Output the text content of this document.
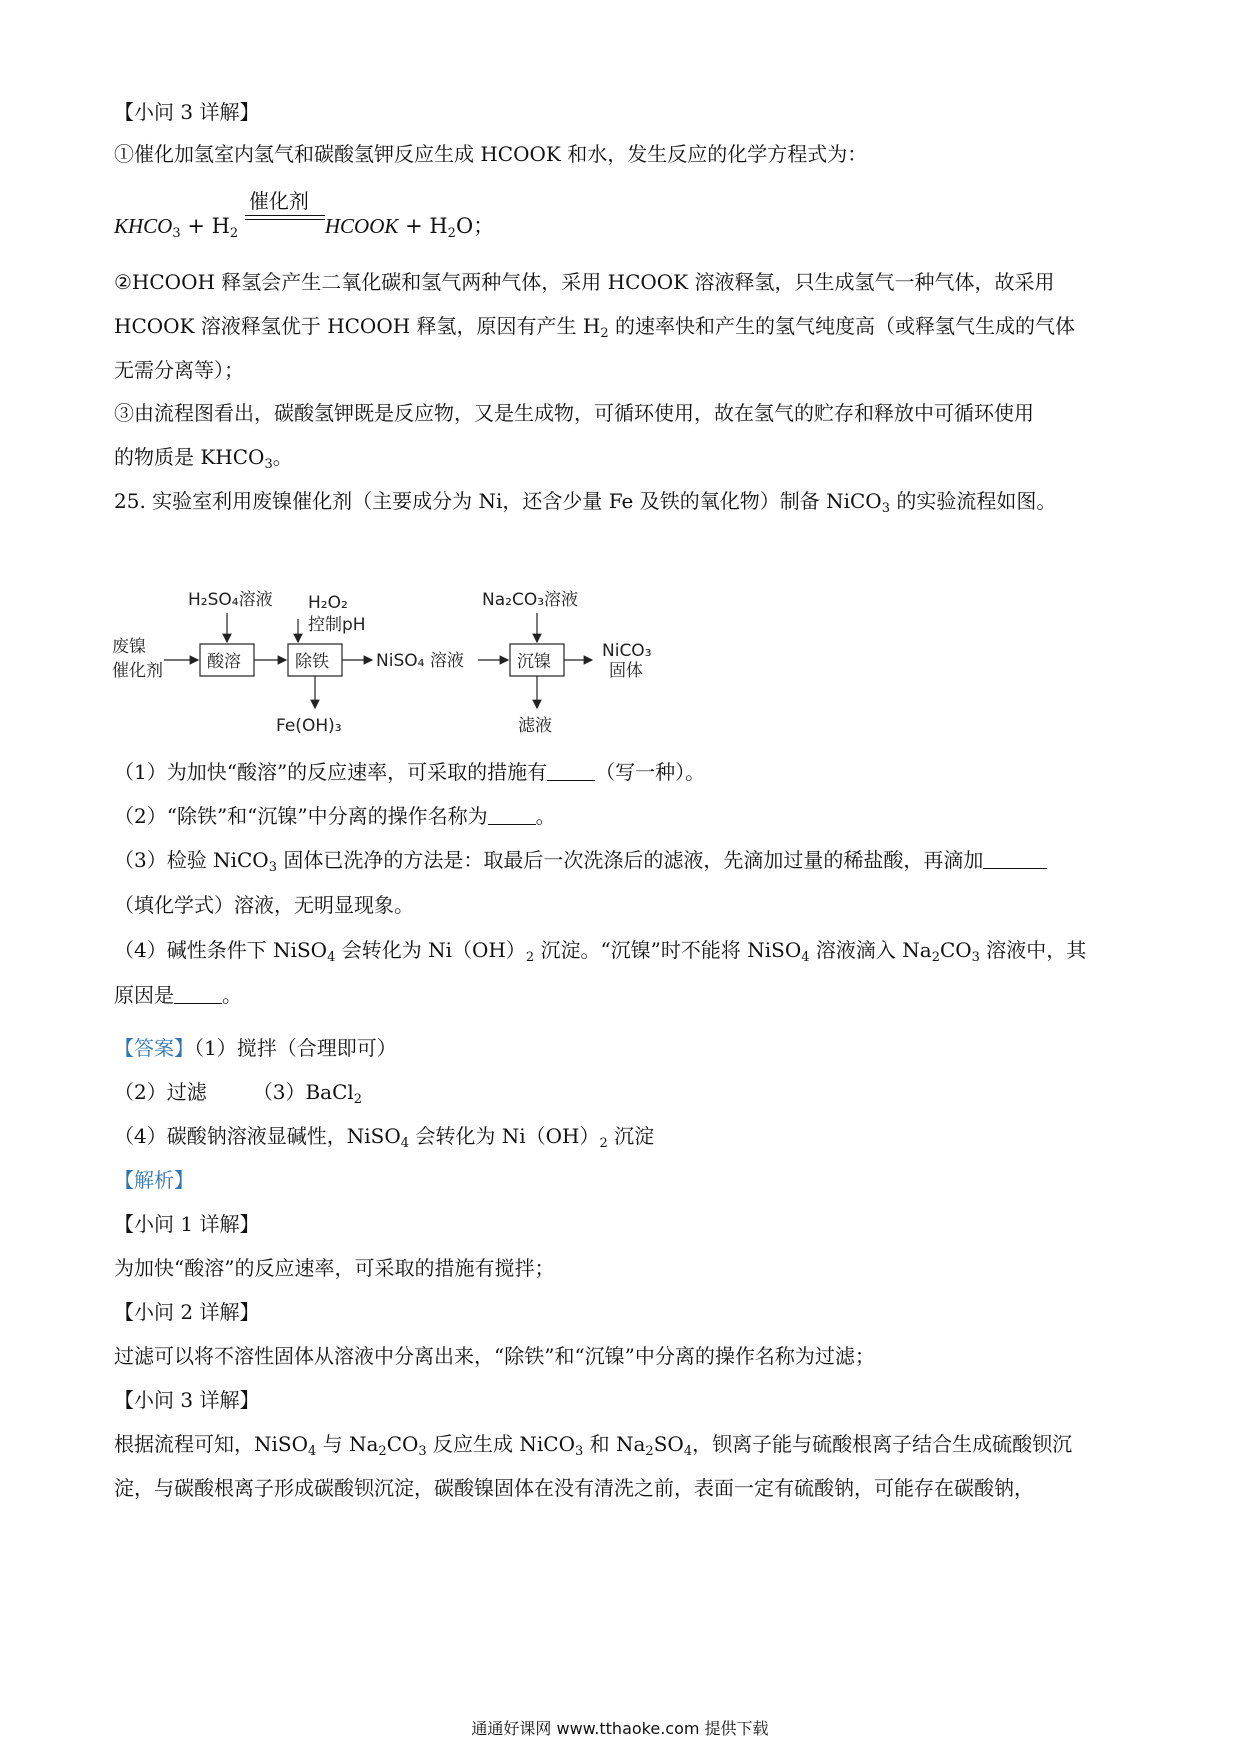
【小问 3 详解】
①催化加氢室内氢气和碳酸氢钾反应生成 HCOOK 和水，发生反应的化学方程式为：
$KHCO_3 + H_2$
催化剂
HCOOK + $H_2O$；
②HCOOH 释氢会产生二氧化碳和氢气两种气体，采用 HCOOK 溶液释氢，只生成氢气一种气体，故采用
HCOOK 溶液释氢优于 HCOOH 释氢，原因有产生 $H_2$ 的速率快和产生的氢气纯度高（或释氢气生成的气体
无需分离等）；
③由流程图看出，碳酸氢钾既是反应物，又是生成物，可循环使用，故在氢气的贮存和释放中可循环使用
的物质是 $KHCO_3$。
25. 实验室利用废镍催化剂（主要成分为 Ni，还含少量 Fe 及铁的氧化物）制备 NiCO$_3$ 的实验流程如图。
废镍
催化剂	酸溶
H₂SO₄溶液
除铁
H₂O₂
控制pH
Fe(OH)₃
NiSO₄ 溶液	沉镍
Na₂CO₃溶液
滤液
NiCO₃
固体
（1）为加快“酸溶”的反应速率，可采取的措施有 （写一种）。
（2）“除铁”和“沉镍”中分离的操作名称为 。
（3）检验 NiCO$_3$ 固体已洗净的方法是：取最后一次洗涤后的滤液，先滴加过量的稀盐酸，再滴加
（填化学式）溶液，无明显现象。
（4）碱性条件下 NiSO$_4$ 会转化为 $Ni(OH)_2$ 沉淀。“沉镍”时不能将 NiSO$_4$ 溶液滴入 $Na_2CO_3$ 溶液中，其
原因是 。
【答案】（1）搅拌（合理即可）
（2）过滤 （3）BaCl$_2$
（4）碳酸钠溶液显碱性，NiSO$_4$ 会转化为 $Ni(OH)_2$ 沉淀
【解析】
【小问 1 详解】
为加快“酸溶”的反应速率，可采取的措施有搅拌；
【小问 2 详解】
过滤可以将不溶性固体从溶液中分离出来，“除铁”和“沉镍”中分离的操作名称为过滤；
【小问 3 详解】
根据流程可知，NiSO$_4$ 与 $Na_2CO_3$ 反应生成 NiCO$_3$ 和 $Na_2SO_4$，钡离子能与硫酸根离子结合生成硫酸钡沉
淀，与碳酸根离子形成碳酸钡沉淀，碳酸镍固体在没有清洗之前，表面一定有硫酸钠，可能存在碳酸钠，
通通好课网 www.tthaoke.com 提供下载
